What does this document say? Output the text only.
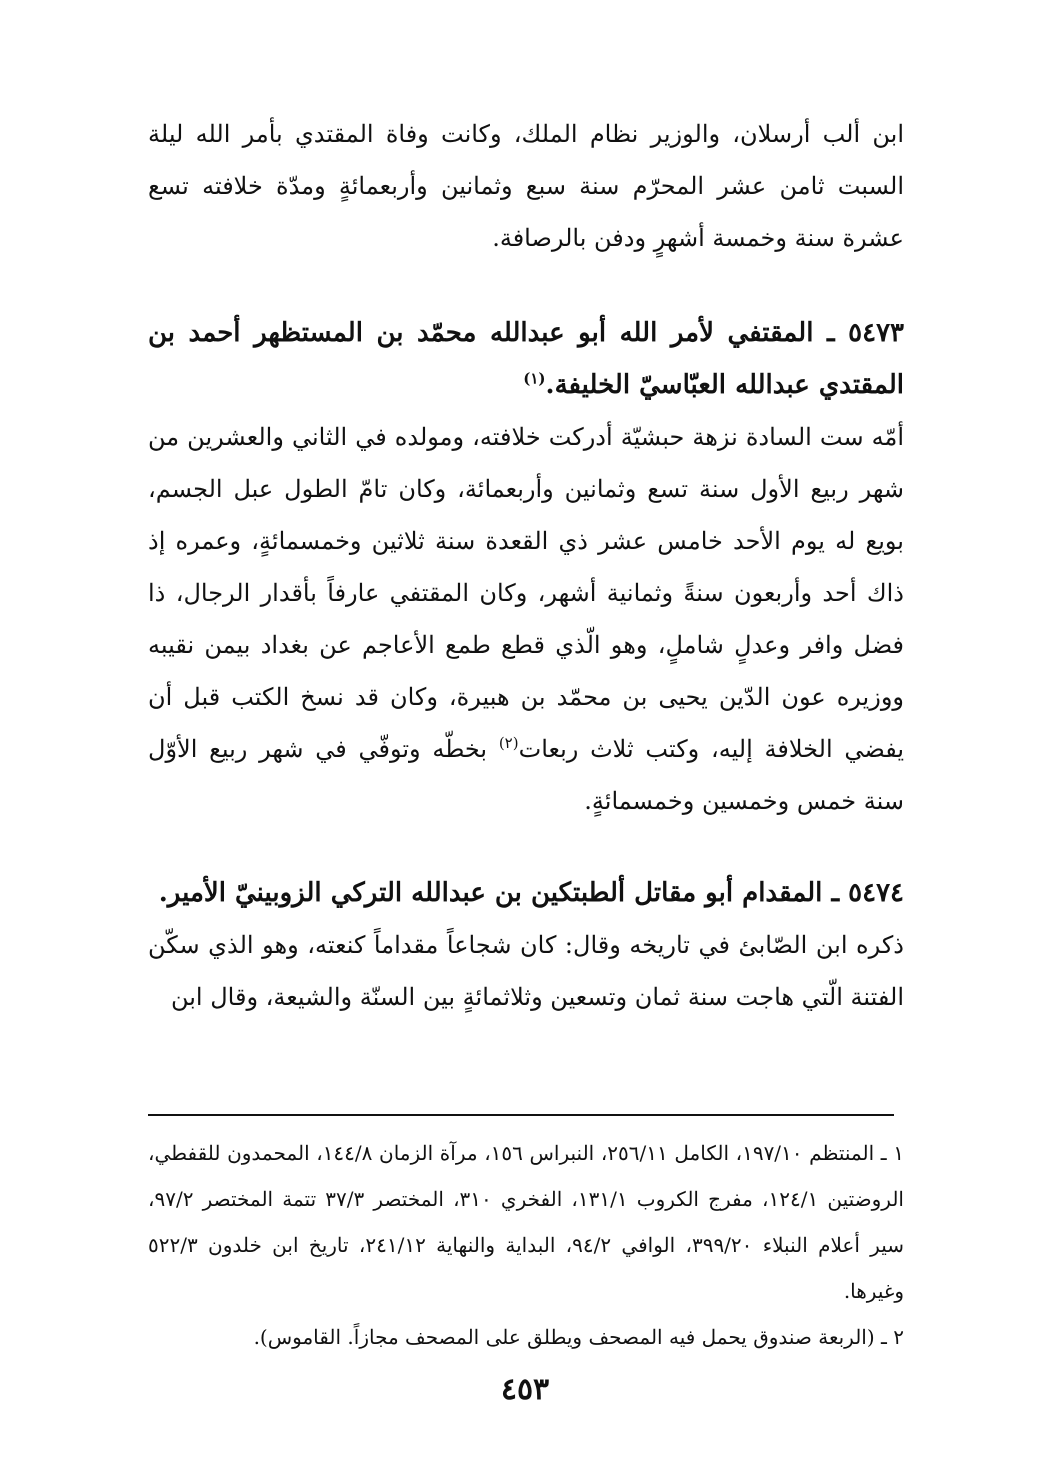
ابن ألب أرسلان، والوزير نظام الملك، وكانت وفاة المقتدي بأمر الله ليلة السبت ثامن عشر المحرّم سنة سبع وثمانين وأربعمائةٍ ومدّة خلافته تسع عشرة سنة وخمسة أشهرٍ ودفن بالرصافة.

٥٤٧٣ ـ المقتفي لأمر الله أبو عبدالله محمّد بن المستظهر أحمد بن المقتدي عبدالله العبّاسيّ الخليفة.$^{(١)}$

أمّه ست السادة نزهة حبشيّة أدركت خلافته، ومولده في الثاني والعشرين من شهر ربيع الأول سنة تسع وثمانين وأربعمائة، وكان تامّ الطول عبل الجسم، بويع له يوم الأحد خامس عشر ذي القعدة سنة ثلاثين وخمسمائةٍ، وعمره إذ ذاك أحد وأربعون سنةً وثمانية أشهر، وكان المقتفي عارفاً بأقدار الرجال، ذا فضل وافر وعدلٍ شاملٍ، وهو الّذي قطع طمع الأعاجم عن بغداد بيمن نقيبه ووزيره عون الدّين يحيى بن محمّد بن هبيرة، وكان قد نسخ الكتب قبل أن يفضي الخلافة إليه، وكتب ثلاث ربعات$^{(٢)}$ بخطّه وتوفّي في شهر ربيع الأوّل سنة خمس وخمسين وخمسمائةٍ.

٥٤٧٤ ـ المقدام أبو مقاتل ألطبتكين بن عبدالله التركي الزوبينيّ الأمير.

ذكره ابن الصّابئ في تاريخه وقال: كان شجاعاً مقداماً كنعته، وهو الذي سكّن الفتنة الّتي هاجت سنة ثمان وتسعين وثلاثمائةٍ بين السنّة والشيعة، وقال ابن

١ ـ المنتظم ١٩٧/١٠، الكامل ٢٥٦/١١، النبراس ١٥٦، مرآة الزمان ١٤٤/٨، المحمدون للقفطي، الروضتين ١٢٤/١، مفرج الكروب ١٣١/١، الفخري ٣١٠، المختصر ٣٧/٣ تتمة المختصر ٩٧/٢، سير أعلام النبلاء ٣٩٩/٢٠، الوافي ٩٤/٢، البداية والنهاية ٢٤١/١٢، تاريخ ابن خلدون ٥٢٢/٣ وغيرها.

٢ ـ (الربعة صندوق يحمل فيه المصحف ويطلق على المصحف مجازاً. القاموس).

٤٥٣
